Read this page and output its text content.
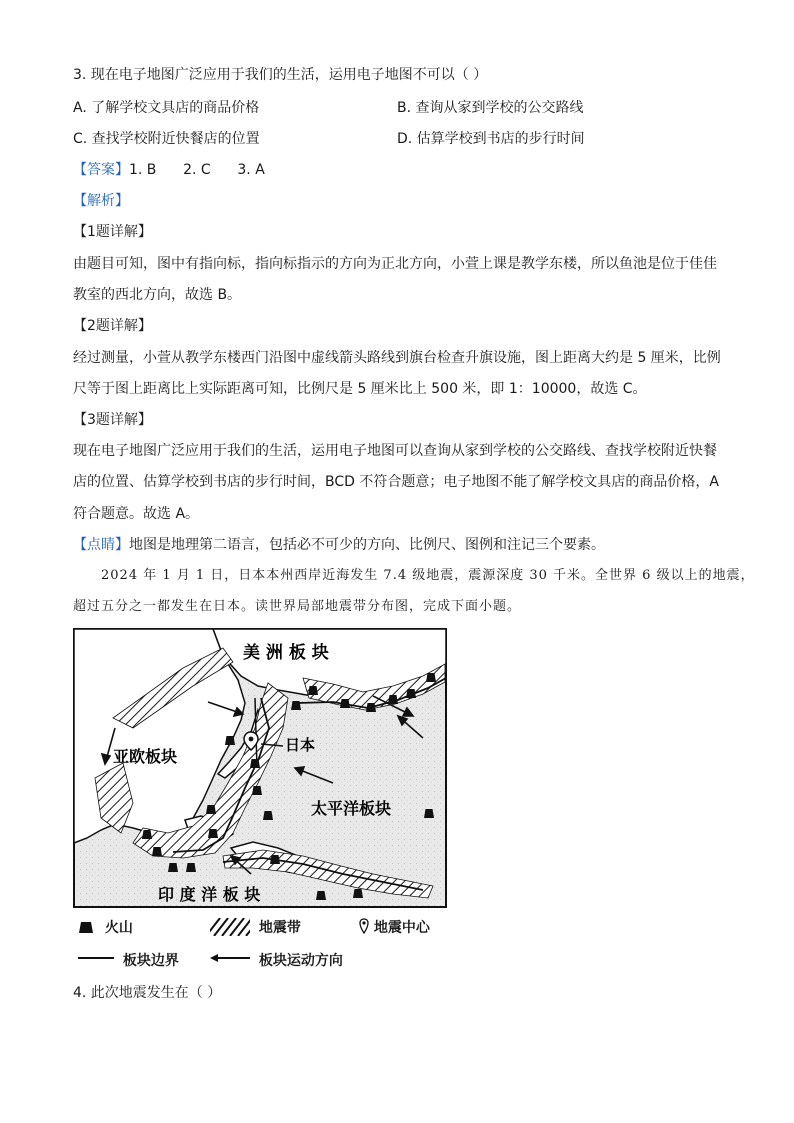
3. 现在电子地图广泛应用于我们的生活，运用电子地图不可以（ ）
A. 了解学校文具店的商品价格	B. 查询从家到学校的公交路线
C. 查找学校附近快餐店的位置	D. 估算学校到书店的步行时间
【答案】1. B      2. C      3. A
【解析】
【1题详解】
由题目可知，图中有指向标，指向标指示的方向为正北方向，小萱上课是教学东楼，所以鱼池是位于佳佳
教室的西北方向，故选 B。
【2题详解】
经过测量，小萱从教学东楼西门沿图中虚线箭头路线到旗台检查升旗设施，图上距离大约是 5 厘米，比例
尺等于图上距离比上实际距离可知，比例尺是 5 厘米比上 500 米，即 1：10000，故选 C。
【3题详解】
现在电子地图广泛应用于我们的生活，运用电子地图可以查询从家到学校的公交路线、查找学校附近快餐
店的位置、估算学校到书店的步行时间，BCD 不符合题意；电子地图不能了解学校文具店的商品价格，A
符合题意。故选 A。
【点睛】地图是地理第二语言，包括必不可少的方向、比例尺、图例和注记三个要素。
2024 年 1 月 1 日，日本本州西岸近海发生 7.4 级地震，震源深度 30 千米。全世界 6 级以上的地震，
超过五分之一都发生在日本。读世界局部地震带分布图，完成下面小题。
美 洲 板 块
亚欧板块
日本
太平洋板块
印 度 洋 板 块
火山	地震带	地震中心
板块边界	板块运动方向
4. 此次地震发生在（ ）
